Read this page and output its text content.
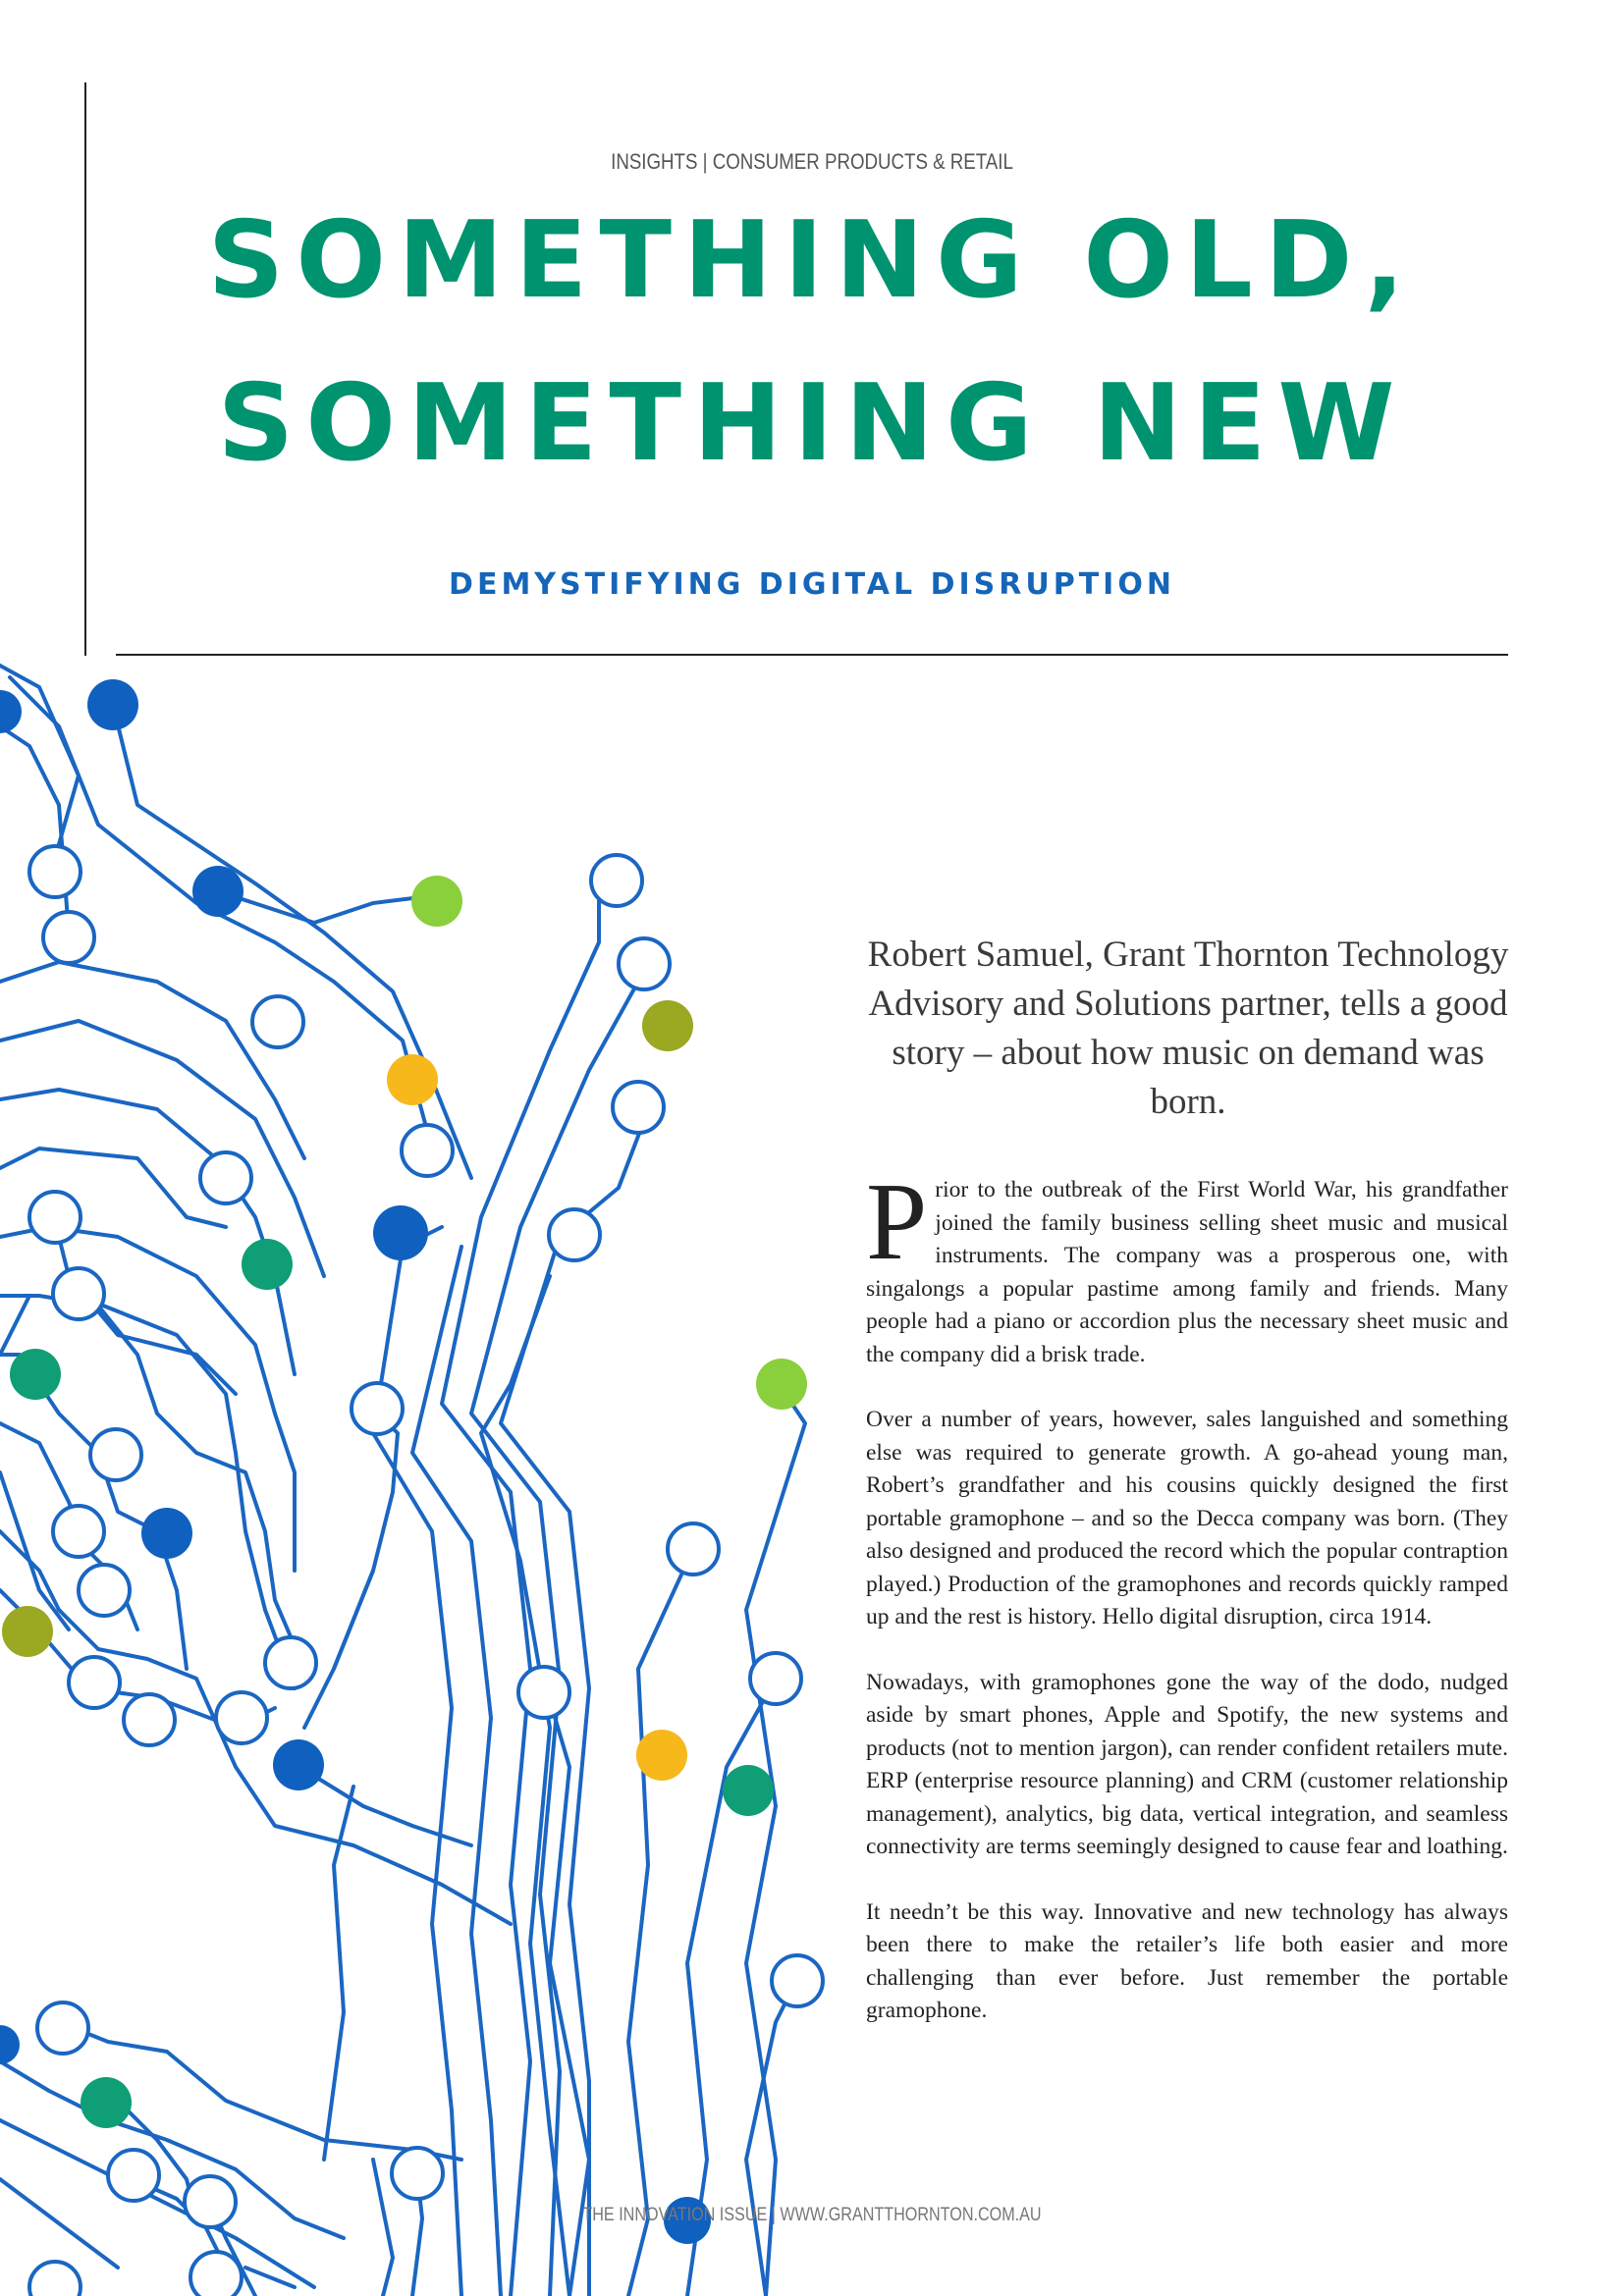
INSIGHTS | CONSUMER PRODUCTS & RETAIL
SOMETHING OLD,
SOMETHING NEW
DEMYSTIFYING DIGITAL DISRUPTION
Robert Samuel, Grant Thornton Technology Advisory and Solutions partner, tells a good story – about how music on demand was born.

Prior to the outbreak of the First World War, his grandfather joined the family business selling sheet music and musical instruments. The company was a prosperous one, with singalongs a popular pastime among family and friends. Many people had a piano or accordion plus the necessary sheet music and the company did a brisk trade.

Over a number of years, however, sales languished and something else was required to generate growth. A go-ahead young man, Robert’s grandfather and his cousins quickly designed the first portable gramophone – and so the Decca company was born. (They also designed and produced the record which the popular contraption played.) Production of the gramophones and records quickly ramped up and the rest is history. Hello digital disruption, circa 1914.

Nowadays, with gramophones gone the way of the dodo, nudged aside by smart phones, Apple and Spotify, the new systems and products (not to mention jargon), can render confident retailers mute. ERP (enterprise resource planning) and CRM (customer relationship management), analytics, big data, vertical integration, and seamless connectivity are terms seemingly designed to cause fear and loathing.

It needn’t be this way. Innovative and new technology has always been there to make the retailer’s life both easier and more challenging than ever before. Just remember the portable gramophone.

THE INNOVATION ISSUE | WWW.GRANTTHORNTON.COM.AU
